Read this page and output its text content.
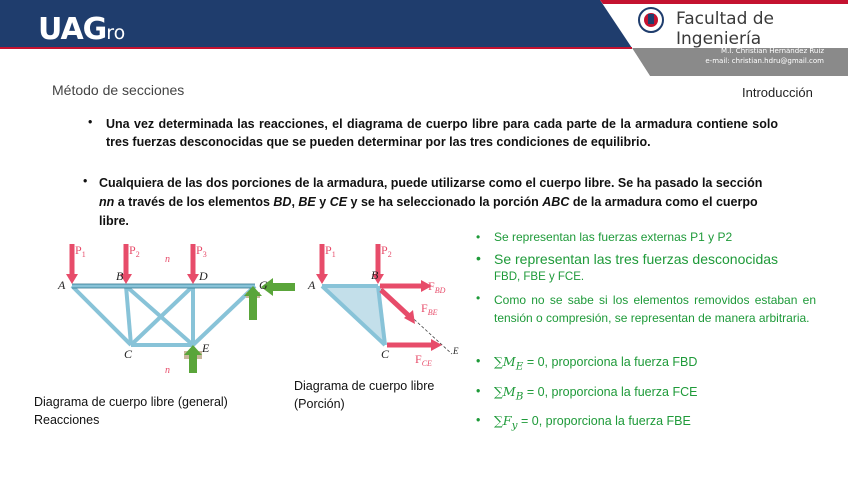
UAGro
Facultad de Ingeniería
M.I. Christian Hernández Ruiz
e-mail: christian.hdru@gmail.com
Método de secciones	Introducción
• Una vez determinada las reacciones, el diagrama de cuerpo libre para cada parte de la armadura contiene solo tres fuerzas desconocidas que se pueden determinar por las tres condiciones de equilibrio.
• Cualquiera de las dos porciones de la armadura, puede utilizarse como el cuerpo libre. Se ha pasado la sección nn a través de los elementos BD, BE y CE y se ha seleccionado la porción ABC de la armadura como el cuerpo libre.
$P_1$	$P_2$	$P_3$
A
B	D
G
C	E
n
n
$P_1$	$P_2$
A
B
C	E
$F_{BD}$
$F_{BE}$
$F_{CE}$
Diagrama de cuerpo libre (general)
Reacciones
Diagrama de cuerpo libre
(Porción)
• Se representan las fuerzas externas P1 y P2
• Se representan las tres fuerzas desconocidas
FBD, FBE y FCE.
• Como no se sabe si los elementos removidos estaban en tensión o compresión, se representan de manera arbitraria.
• $\sum M_E = 0$, proporciona la fuerza FBD
• $\sum M_B = 0$, proporciona la fuerza FCE
• $\sum F_y = 0$, proporciona la fuerza FBE
